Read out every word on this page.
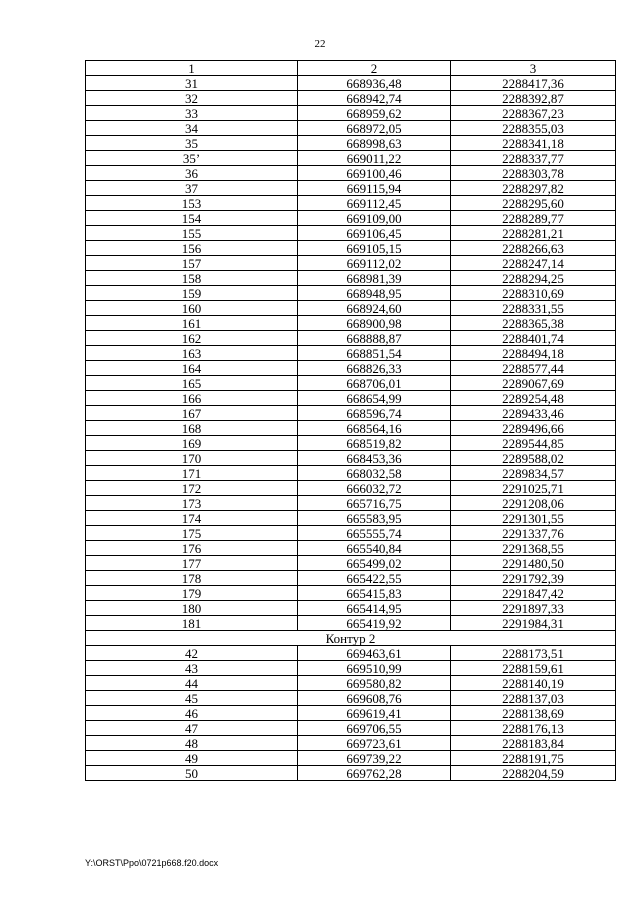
22
1	2	3
31	668936,48	2288417,36
32	668942,74	2288392,87
33	668959,62	2288367,23
34	668972,05	2288355,03
35	668998,63	2288341,18
35’	669011,22	2288337,77
36	669100,46	2288303,78
37	669115,94	2288297,82
153	669112,45	2288295,60
154	669109,00	2288289,77
155	669106,45	2288281,21
156	669105,15	2288266,63
157	669112,02	2288247,14
158	668981,39	2288294,25
159	668948,95	2288310,69
160	668924,60	2288331,55
161	668900,98	2288365,38
162	668888,87	2288401,74
163	668851,54	2288494,18
164	668826,33	2288577,44
165	668706,01	2289067,69
166	668654,99	2289254,48
167	668596,74	2289433,46
168	668564,16	2289496,66
169	668519,82	2289544,85
170	668453,36	2289588,02
171	668032,58	2289834,57
172	666032,72	2291025,71
173	665716,75	2291208,06
174	665583,95	2291301,55
175	665555,74	2291337,76
176	665540,84	2291368,55
177	665499,02	2291480,50
178	665422,55	2291792,39
179	665415,83	2291847,42
180	665414,95	2291897,33
181	665419,92	2291984,31
Контур 2		
42	669463,61	2288173,51
43	669510,99	2288159,61
44	669580,82	2288140,19
45	669608,76	2288137,03
46	669619,41	2288138,69
47	669706,55	2288176,13
48	669723,61	2288183,84
49	669739,22	2288191,75
50	669762,28	2288204,59
Y:\ORST\Ppo\0721p668.f20.docx
